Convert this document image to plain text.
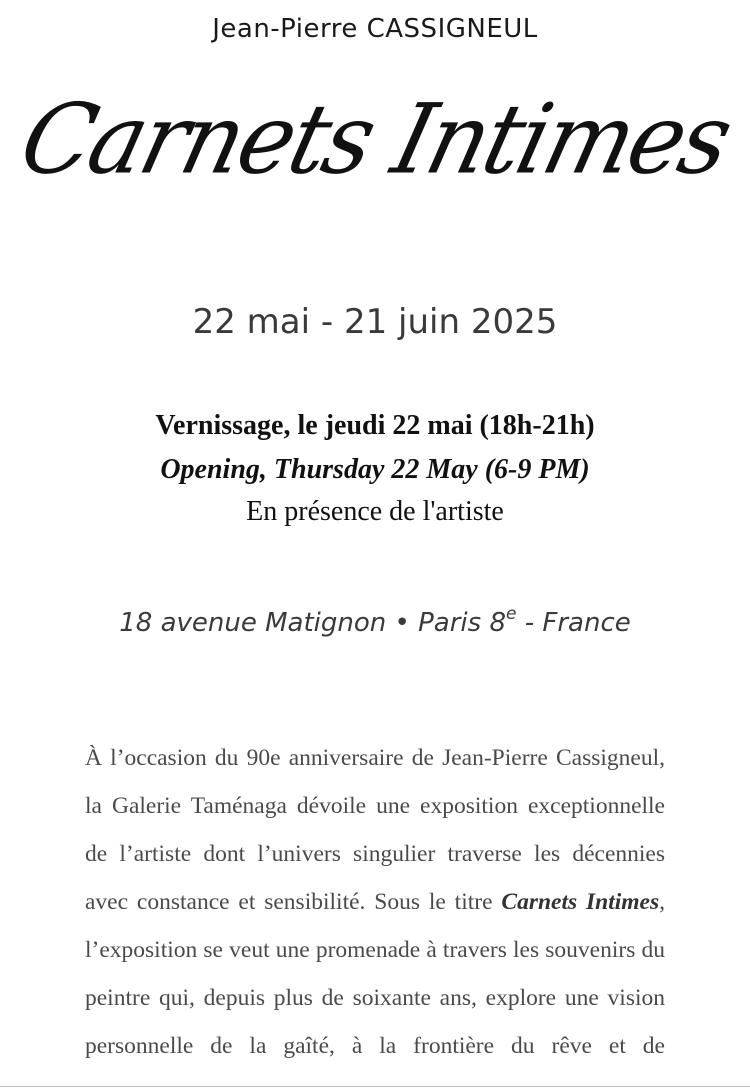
Jean-Pierre CASSIGNEUL
Carnets Intimes
22 mai - 21 juin 2025
Vernissage, le jeudi 22 mai (18h-21h)
Opening, Thursday 22 May (6-9 PM)
En présence de l'artiste
18 avenue Matignon • Paris 8e - France

À l’occasion du 90e anniversaire de Jean-Pierre Cassigneul, la Galerie Taménaga dévoile une exposition exceptionnelle de l’artiste dont l’univers singulier traverse les décennies avec constance et sensibilité. Sous le titre Carnets Intimes, l’exposition se veut une promenade à travers les souvenirs du peintre qui, depuis plus de soixante ans, explore une vision personnelle de la gaîté, à la frontière du rêve et de
